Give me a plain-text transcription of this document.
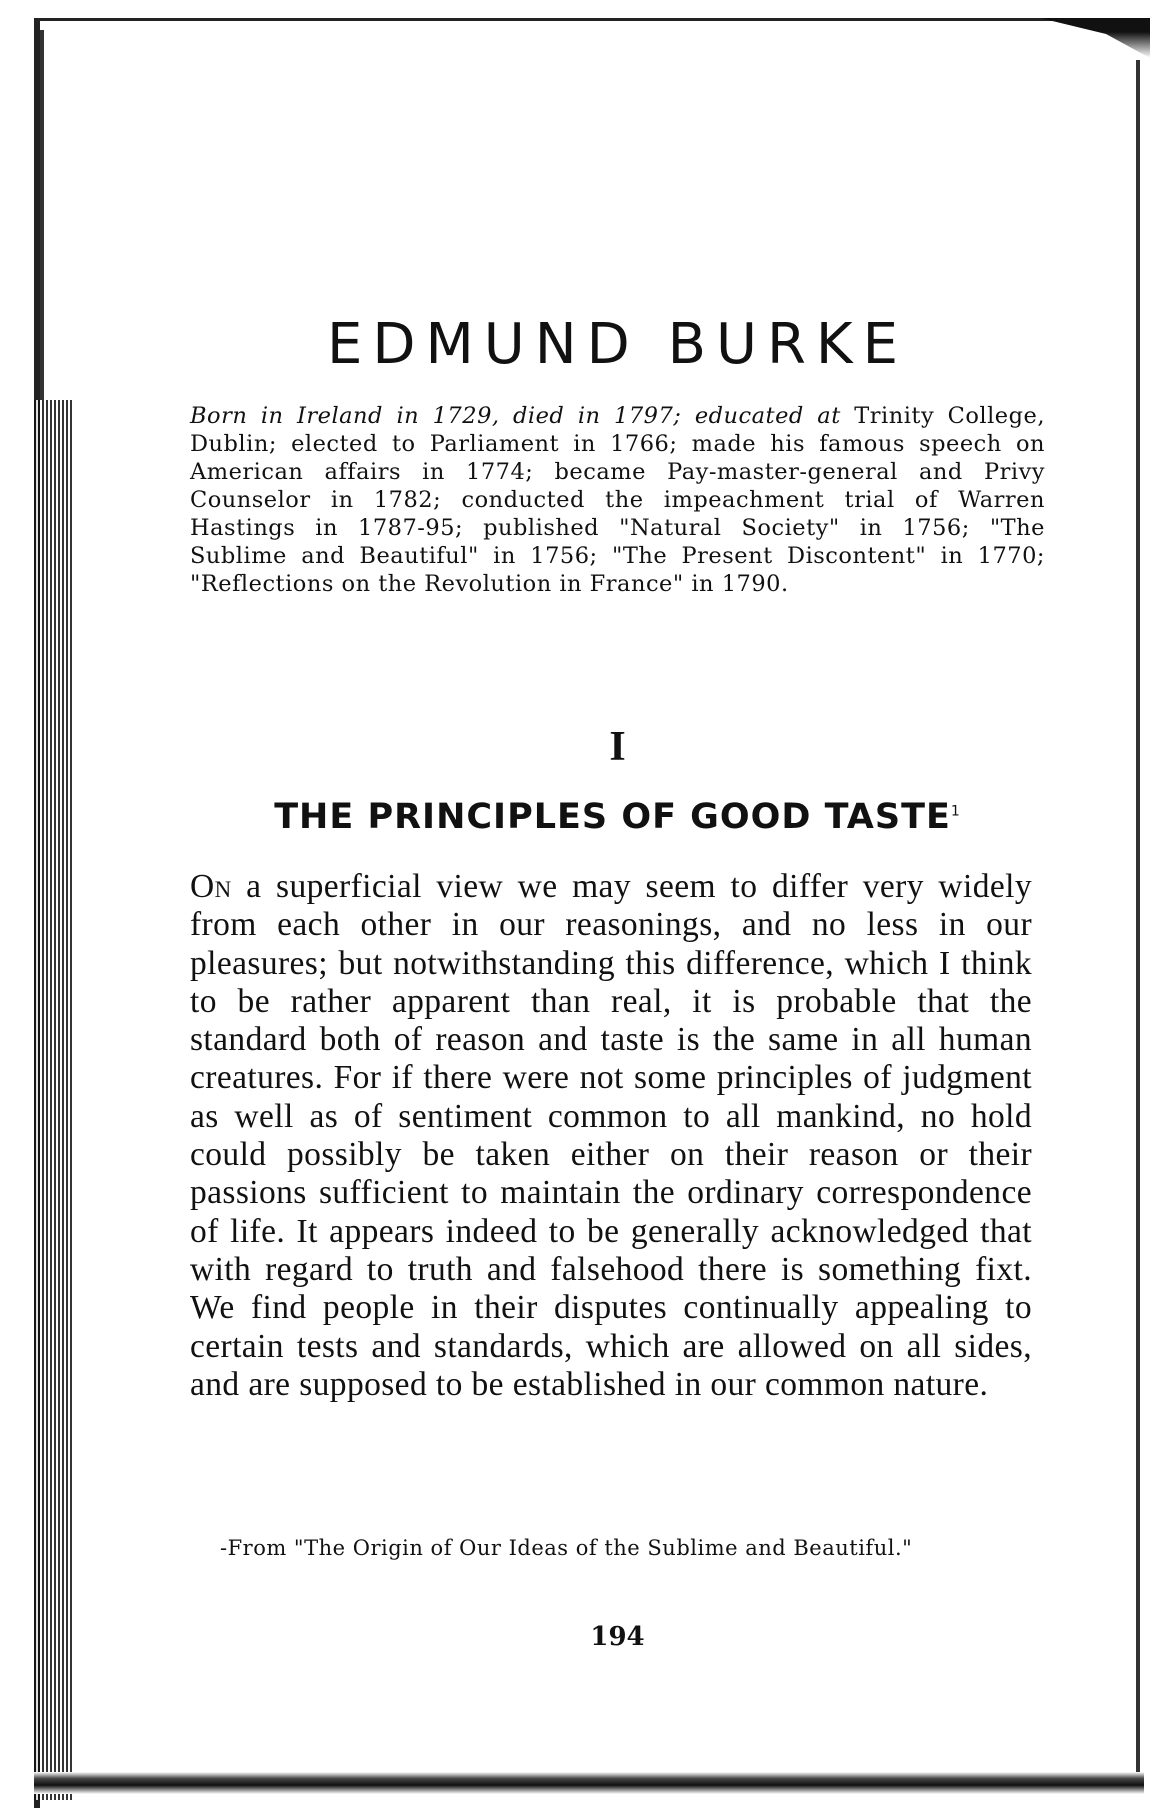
EDMUND BURKE

Born in Ireland in 1729, died in 1797; educated at Trinity College, Dublin; elected to Parliament in 1766; made his famous speech on American affairs in 1774; became Pay-master-general and Privy Counselor in 1782; conducted the impeachment trial of Warren Hastings in 1787-95; published "Natural Society" in 1756; "The Sublime and Beautiful" in 1756; "The Present Discontent" in 1770; "Reflections on the Revolution in France" in 1790.

I
THE PRINCIPLES OF GOOD TASTE$^1$

On a superficial view we may seem to differ very widely from each other in our reasonings, and no less in our pleasures; but notwithstanding this difference, which I think to be rather apparent than real, it is probable that the standard both of reason and taste is the same in all human creatures. For if there were not some principles of judgment as well as of sentiment common to all mankind, no hold could possibly be taken either on their reason or their passions sufficient to maintain the ordinary correspondence of life. It appears indeed to be generally acknowledged that with regard to truth and falsehood there is something fixt. We find people in their disputes continually appealing to certain tests and standards, which are allowed on all sides, and are supposed to be established in our common nature.

-From "The Origin of Our Ideas of the Sublime and Beautiful."

194
